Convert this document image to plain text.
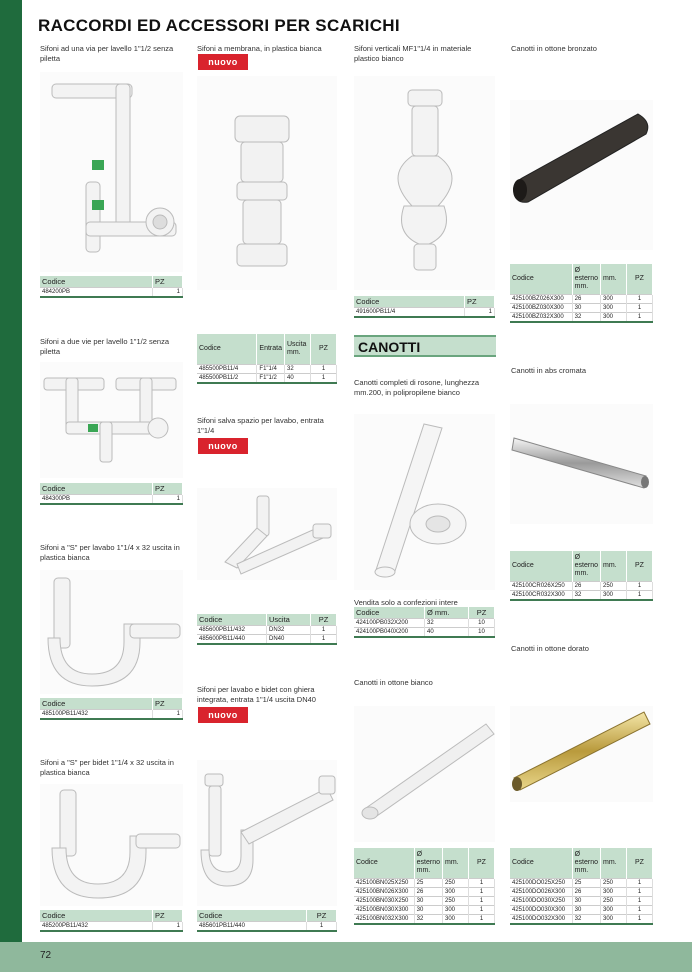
72
RACCORDI ED ACCESSORI PER SCARICHI
Sifoni ad una via per lavello 1"1/2 senza piletta
Codice	PZ
484200PB	1
Sifoni a due vie per lavello 1"1/2 senza piletta
Codice	PZ
484300PB	1
Sifoni a "S" per lavabo 1"1/4 x 32 uscita in plastica bianca
Codice	PZ
485100PB11/432	1
Sifoni a "S" per bidet 1"1/4 x 32 uscita in plastica bianca
Codice	PZ
485200PB11/432	1
Sifoni a membrana, in plastica bianca
nuovo
Codice	Entrata	Uscita mm.	PZ
485500PB11/4	F1"1/4	32	1
485500PB11/2	F1"1/2	40	1
Sifoni salva spazio per lavabo, entrata 1"1/4
nuovo
Codice	Uscita	PZ
485600PB11/432	DN32	1
485600PB11/440	DN40	1
Sifoni per lavabo e bidet con ghiera integrata, entrata 1"1/4 uscita DN40
nuovo
Codice	PZ
485601PB11/440	1
Sifoni verticali MF1"1/4 in materiale plastico bianco
Codice	PZ
491600PB11/4	1
CANOTTI
Canotti completi di rosone, lunghezza mm.200, in polipropilene bianco
Vendita solo a confezioni intere
Codice	Ø mm.	PZ
424100PB032X200	32	10
424100PB040X200	40	10
Canotti in ottone bianco
Codice	Ø esterno mm.	mm.	PZ
425100BN025X250	25	250	1
425100BN026X300	26	300	1
425100BN030X250	30	250	1
425100BN030X300	30	300	1
425100BN032X300	32	300	1
Canotti in ottone bronzato
Codice	Ø esterno mm.	mm.	PZ
425100BZ026X300	26	300	1
425100BZ030X300	30	300	1
425100BZ032X300	32	300	1
Canotti in abs cromata
Codice	Ø esterno mm.	mm.	PZ
425100CR026X250	26	250	1
425100CR032X300	32	300	1
Canotti in ottone dorato
Codice	Ø esterno mm.	mm.	PZ
425100DO025X250	25	250	1
425100DO026X300	26	300	1
425100DO030X250	30	250	1
425100DO030X300	30	300	1
425100DO032X300	32	300	1
